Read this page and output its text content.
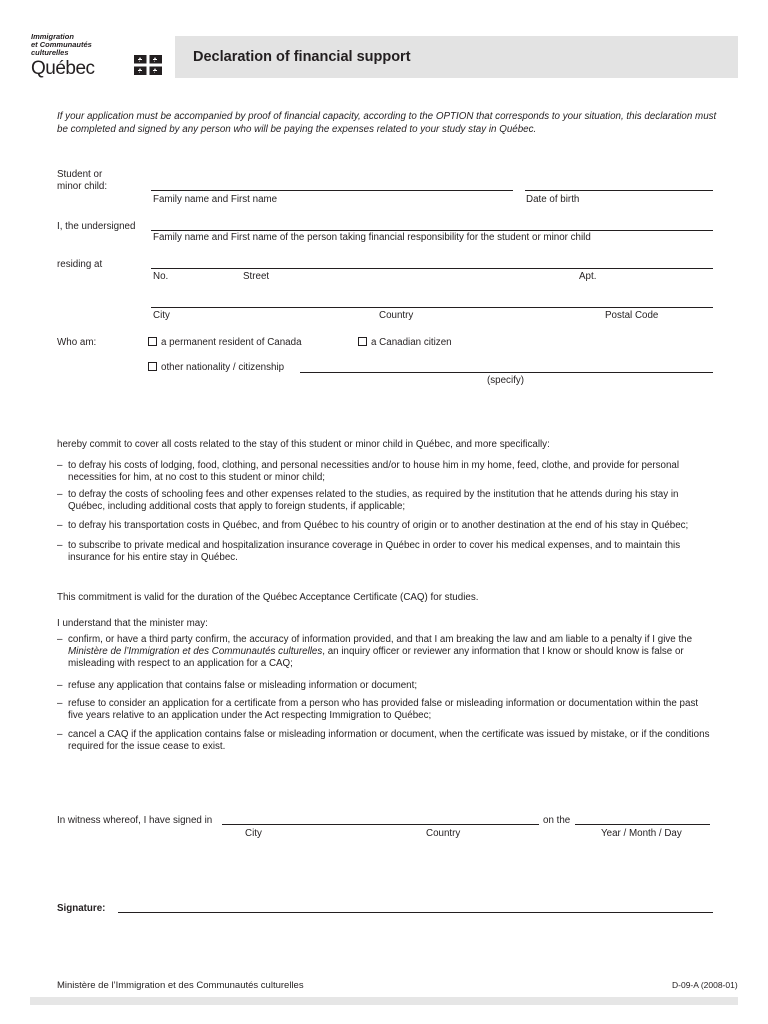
Immigration
et Communautés
culturelles
Québec
Declaration of financial support
If your application must be accompanied by proof of financial capacity, according to the OPTION that corresponds to your situation, this declaration must be completed and signed by any person who will be paying the expenses related to your study stay in Québec.
Student or
minor child:
Family name and First name	Date of birth
I, the undersigned
Family name and First name of the person taking financial responsibility for the student or minor child
residing at
No.	Street	Apt.
City	Country	Postal Code
Who am:	a permanent resident of Canada	a Canadian citizen
other nationality / citizenship
(specify)
hereby commit to cover all costs related to the stay of this student or minor child in Québec, and more specifically:
– to defray his costs of lodging, food, clothing, and personal necessities and/or to house him in my home, feed, clothe, and provide for personal necessities for him, at no cost to this student or minor child;
– to defray the costs of schooling fees and other expenses related to the studies, as required by the institution that he attends during his stay in Québec, including additional costs that apply to foreign students, if applicable;
– to defray his transportation costs in Québec, and from Québec to his country of origin or to another destination at the end of his stay in Québec;
– to subscribe to private medical and hospitalization insurance coverage in Québec in order to cover his medical expenses, and to maintain this insurance for his entire stay in Québec.
This commitment is valid for the duration of the Québec Acceptance Certificate (CAQ) for studies.
I understand that the minister may:
– confirm, or have a third party confirm, the accuracy of information provided, and that I am breaking the law and am liable to a penalty if I give the Ministère de l’Immigration et des Communautés culturelles, an inquiry officer or reviewer any information that I know or should know is false or misleading with respect to an application for a CAQ;
– refuse any application that contains false or misleading information or document;
– refuse to consider an application for a certificate from a person who has provided false or misleading information or documentation within the past five years relative to an application under the Act respecting Immigration to Québec;
– cancel a CAQ if the application contains false or misleading information or document, when the certificate was issued by mistake, or if the conditions required for the issue cease to exist.
In witness whereof, I have signed in	on the
City	Country	Year / Month / Day
Signature:
Ministère de l’Immigration et des Communautés culturelles	D-09-A (2008-01)
